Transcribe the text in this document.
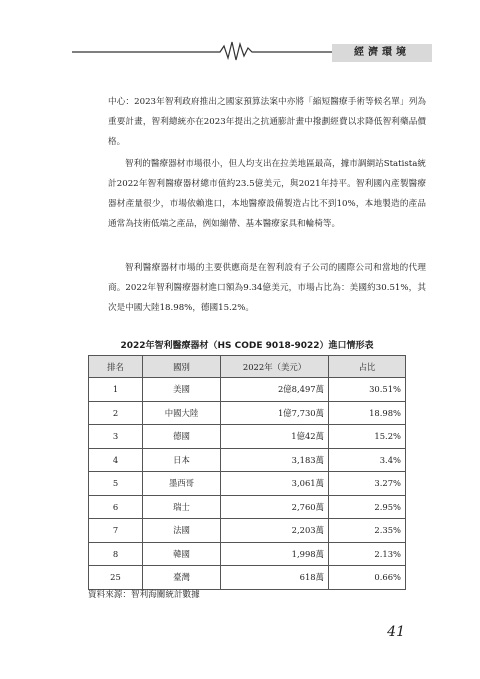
經濟環境

中心：2023年智利政府推出之國家預算法案中亦將「縮短醫療手術等候名單」列為重要計畫，智利總統亦在2023年提出之抗通膨計畫中撥劃經費以求降低智利藥品價格。

智利的醫療器材市場很小，但人均支出在拉美地區最高，據市調網站Statista統計2022年智利醫療器材總市值約23.5億美元，與2021年持平。智利國內產製醫療器材產量很少，市場依賴進口，本地醫療設備製造占比不到10%，本地製造的產品通常為技術低端之產品，例如繃帶、基本醫療家具和輪椅等。

智利醫療器材市場的主要供應商是在智利設有子公司的國際公司和當地的代理商。2022年智利醫療器材進口額為9.34億美元，市場占比為：美國約30.51%，其次是中國大陸18.98%，德國15.2%。

2022年智利醫療器材（HS CODE 9018-9022）進口情形表
排名	國別	2022年（美元）	占比
1	美國	2億8,497萬	30.51%
2	中國大陸	1億7,730萬	18.98%
3	德國	1億42萬	15.2%
4	日本	3,183萬	3.4%
5	墨西哥	3,061萬	3.27%
6	瑞士	2,760萬	2.95%
7	法國	2,203萬	2.35%
8	韓國	1,998萬	2.13%
25	臺灣	618萬	0.66%
資料來源：智利海關統計數據
41
